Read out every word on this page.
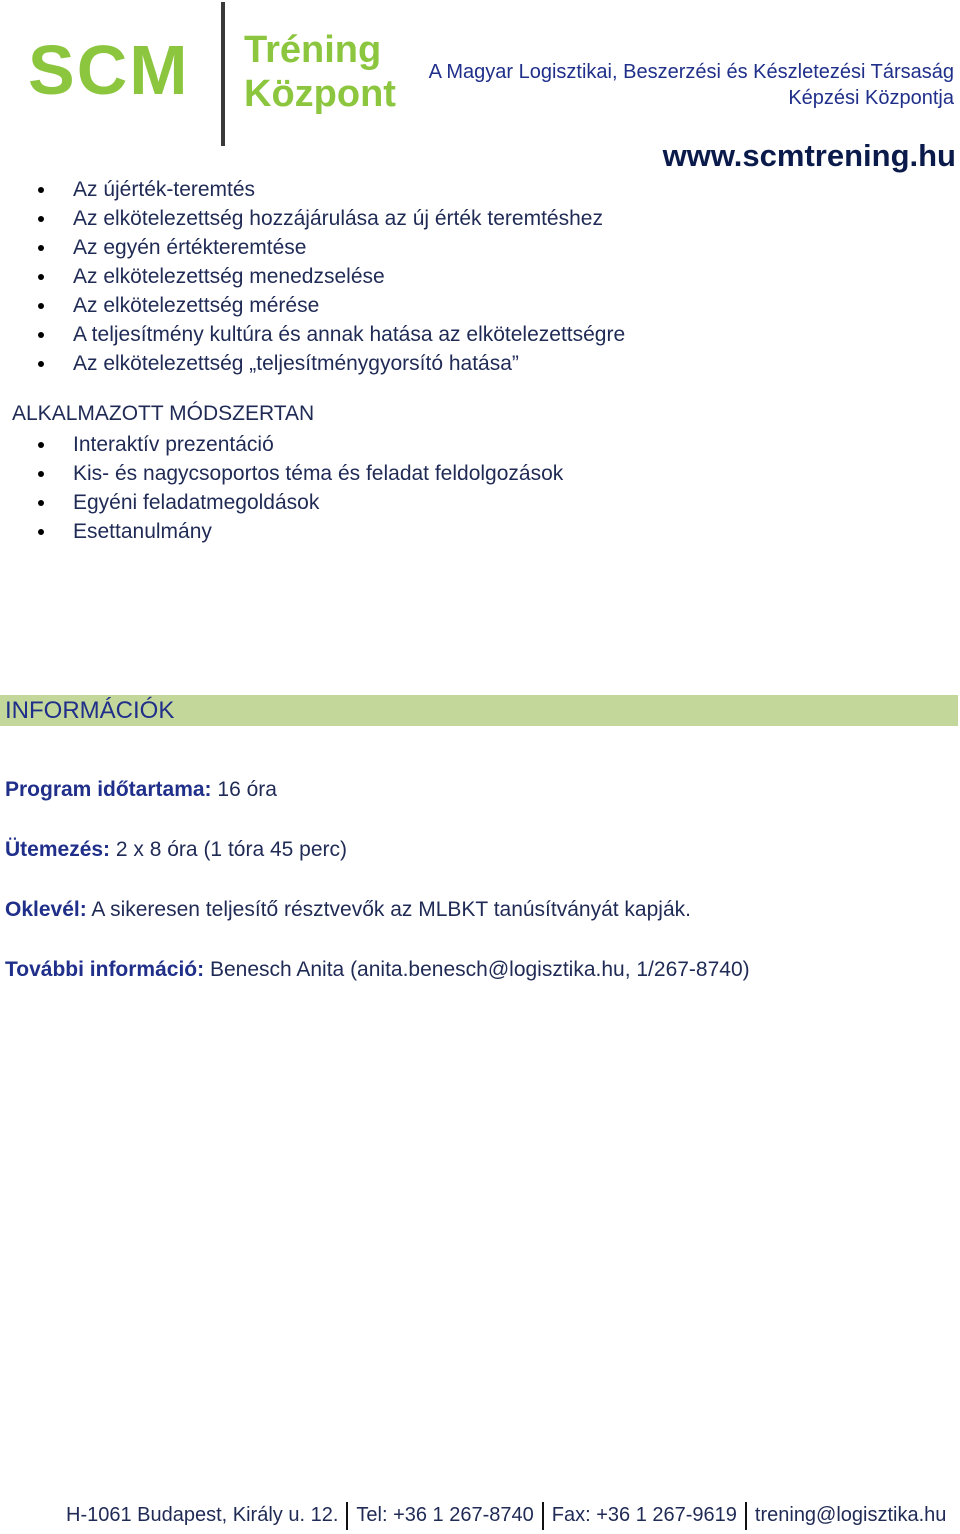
SCM Tréning
Központ
A Magyar Logisztikai, Beszerzési és Készletezési Társaság
Képzési Központja
www.scmtrening.hu
Az újérték-teremtés
Az elkötelezettség hozzájárulása az új érték teremtéshez
Az egyén értékteremtése
Az elkötelezettség menedzselése
Az elkötelezettség mérése
A teljesítmény kultúra és annak hatása az elkötelezettségre
Az elkötelezettség „teljesítménygyorsító hatása”
ALKALMAZOTT MÓDSZERTAN
Interaktív prezentáció
Kis- és nagycsoportos téma és feladat feldolgozások
Egyéni feladatmegoldások
Esettanulmány
INFORMÁCIÓK
Program időtartama: 16 óra
Ütemezés: 2 x 8 óra (1 tóra 45 perc)
Oklevél: A sikeresen teljesítő résztvevők az MLBKT tanúsítványát kapják.
További információ: Benesch Anita (anita.benesch@logisztika.hu, 1/267-8740)
H-1061 Budapest, Király u. 12. Tel: +36 1 267-8740 Fax: +36 1 267-9619 trening@logisztika.hu
